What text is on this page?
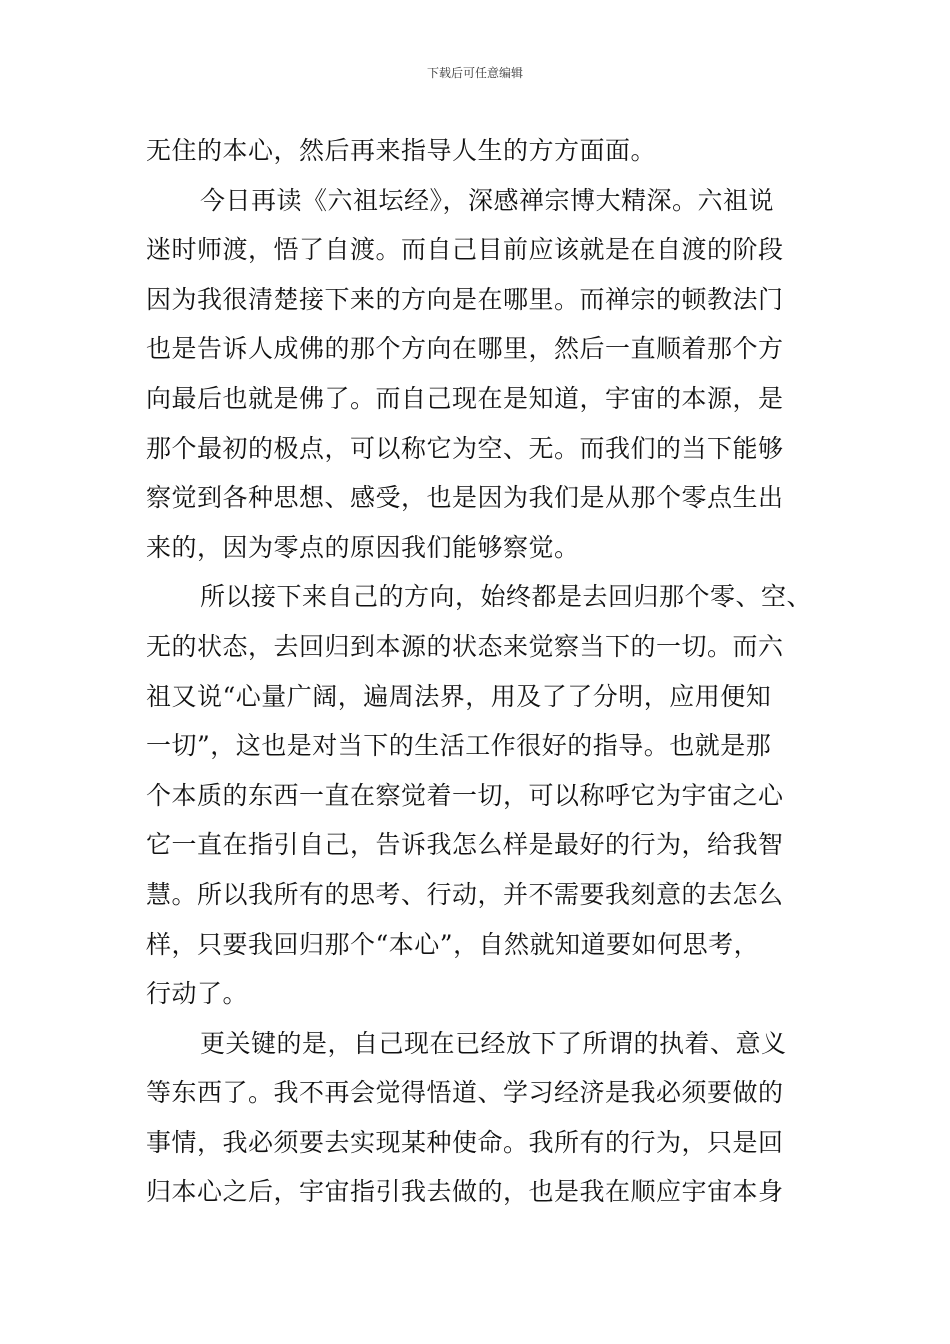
下载后可任意编辑
无住的本心，然后再来指导人生的方方面面。
今日再读《六祖坛经》，深感禅宗博大精深。六祖说
迷时师渡，悟了自渡。而自己目前应该就是在自渡的阶段
因为我很清楚接下来的方向是在哪里。而禅宗的顿教法门
也是告诉人成佛的那个方向在哪里，然后一直顺着那个方
向最后也就是佛了。而自己现在是知道，宇宙的本源，是
那个最初的极点，可以称它为空、无。而我们的当下能够
察觉到各种思想、感受，也是因为我们是从那个零点生出
来的，因为零点的原因我们能够察觉。
所以接下来自己的方向，始终都是去回归那个零、空、
无的状态，去回归到本源的状态来觉察当下的一切。而六
祖又说“心量广阔，遍周法界，用及了了分明，应用便知
一切”，这也是对当下的生活工作很好的指导。也就是那
个本质的东西一直在察觉着一切，可以称呼它为宇宙之心
它一直在指引自己，告诉我怎么样是最好的行为，给我智
慧。所以我所有的思考、行动，并不需要我刻意的去怎么
样，只要我回归那个“本心”，自然就知道要如何思考，
行动了。
更关键的是，自己现在已经放下了所谓的执着、意义
等东西了。我不再会觉得悟道、学习经济是我必须要做的
事情，我必须要去实现某种使命。我所有的行为，只是回
归本心之后，宇宙指引我去做的，也是我在顺应宇宙本身
